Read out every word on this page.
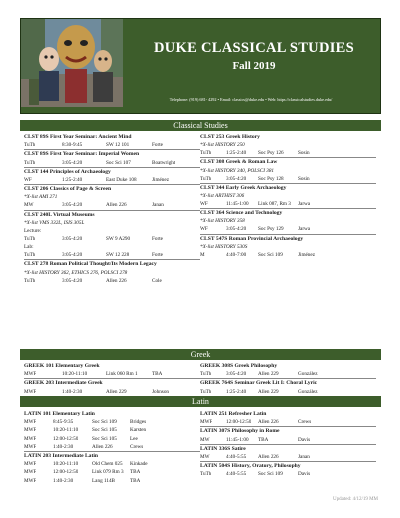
DUKE CLASSICAL STUDIES
Fall 2019
Telephone: (919) 681- 4292 • Email: classics@duke.edu • Web: https://classicalstudies.duke.edu/
Classical Studies
Greek
Latin
CLST 89S First Year Seminar: Ancient Mind
TuTh	8:30-9:45	SW 12 101	Forte
CLST 89S First Year Seminar: Imperial Women
TuTh	3:05-4:20	Soc Sci 107	Boatwright
CLST 144 Principles of Archaeology
WF	1:25-2:40	East Duke 108	Jiménez
CLST 206 Classics of Page & Screen
*X-list AMI 271
MW	3:05-4:20	Allen 226	Janan
CLST 240L Virtual Museums
*X-list VMS 332L, ISIS 305L
Lecture:
TuTh	3:05-4:20	SW 9 A290	Forte
Lab:
TuTh	3:05-4:20	SW 12 228	Forte
CLST 278 Roman Political Thought/Its Modern Legacy
*X-list HISTORY 362, ETHICS 276, POLSCI 278
TuTh	3:05-4:20	Allen 226	Cole
CLST 253 Greek History
*X-list HISTORY 250
TuTh	1:25-2:40 Soc Psy 126	Sosin
CLST 308 Greek & Roman Law
*X-list HISTORY 340, POLSCI 381
TuTh	3:05-4:20 Soc Psy 128	Sosin
CLST 344 Early Greek Archaeology
*X-list ARTHIST 306
WF	11:45-1:00 Link 087, Rm 3 Jarwa
CLST 364 Science and Technology
*X-list HISTORY 358
WF	3:05-4:20 Soc Psy 129	Jarwa
CLST 547S Roman Provincial Archaeology
*X-list HISTORY 530S
M	4:40-7:00 Soc Sci 109	Jiménez
GREEK 101 Elementary Greek
MWF	10:20-11:10	Link 060 Rm 1	TBA
GREEK 203 Intermediate Greek
MWF	1:40-2:30	Allen 229	Johnson
GREEK 308S Greek Philosophy
TuTh	3:05-4:20 Allen 229	González
GREEK 764S Seminar Greek Lit I: Choral Lyric
TuTh	1:25-2:40 Allen 229	González
LATIN 101 Elementary Latin
MWF	8:45-9:35	Soc Sci 109	Bridges
MWF	10:20-11:10	Soc Sci 105	Karsten
MWF	12:00-12:50	Soc Sci 105	Lee
MWF	1:40-2:30	Allen 226	Crews
LATIN 203 Intermediate Latin
MWF	10:20-11:10	Old Chem 025 Kinkade
MWF	12:00-12:50	Link 079 Rm 3 TBA
MWF	1:40-2:30	Lang 114B	TBA
LATIN 251 Refresher Latin
MWF	12:00-12:50 Allen 226	Crews
LATIN 307S Philosophy in Rome
MW	11:45-1:00 TBA	Davis
LATIN 336S Satire
MW	4:40-5:55 Allen 226	Janan
LATIN 504S History, Oratory, Philosophy
TuTh	4:40-5:55 Soc Sci 109	Davis
Updated: 4/12/19 MM
